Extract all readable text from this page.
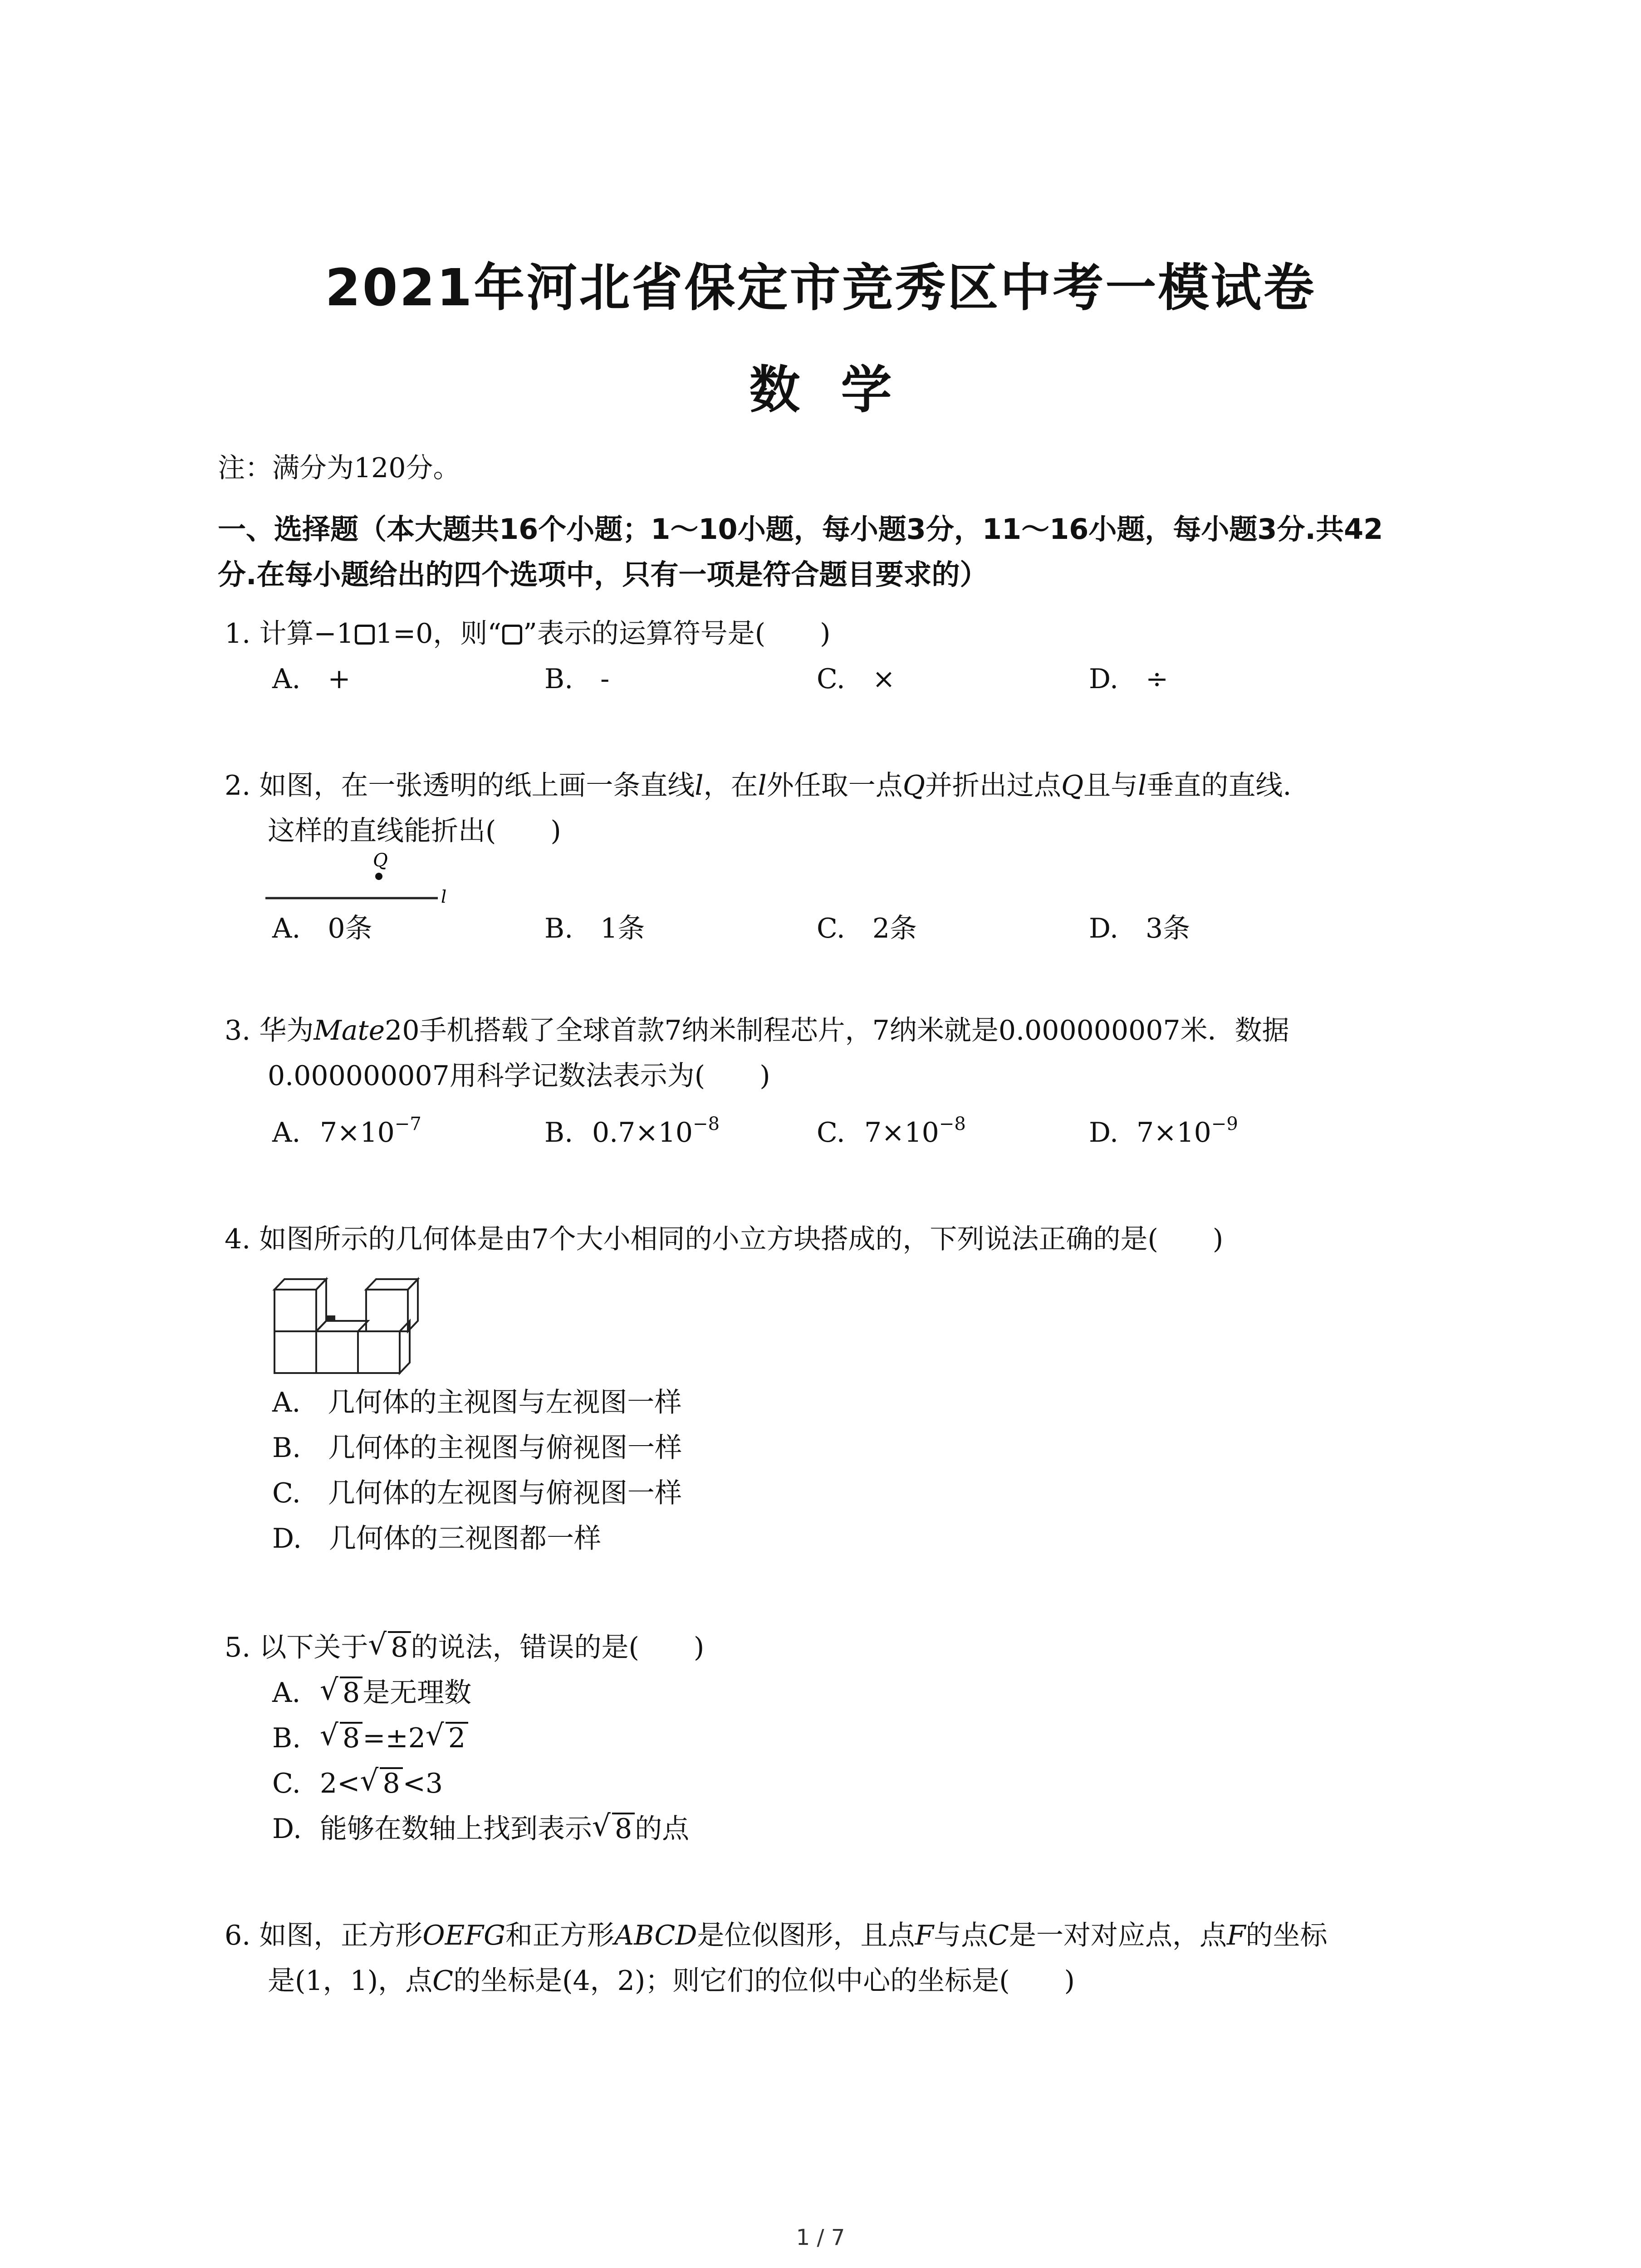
2021年河北省保定市竞秀区中考一模试卷
数学
注：满分为120分。
一、选择题（本大题共16个小题；1～10小题，每小题3分，11～16小题，每小题3分.共42
分.在每小题给出的四个选项中，只有一项是符合题目要求的）
1. 计算−1 1=0，则“ ”表示的运算符号是(　　)
A.　+	B.　-	C.　×	D.　÷
2. 如图，在一张透明的纸上画一条直线l，在l外任取一点Q并折出过点Q且与l垂直的直线.
这样的直线能折出(　　)
Q
l
A.　0条	B.　1条	C.　2条	D.　3条
3. 华为Mate20手机搭载了全球首款7纳米制程芯片，7纳米就是0.000000007米．数据
0.000000007用科学记数法表示为(　　)
A. $7\times 10^{-7}$	B. $0.7\times 10^{-8}$	C. $7\times 10^{-8}$	D. $7\times 10^{-9}$
4. 如图所示的几何体是由7个大小相同的小立方块搭成的，下列说法正确的是(　　)
A.　几何体的主视图与左视图一样
B.　几何体的主视图与俯视图一样
C.　几何体的左视图与俯视图一样
D.　几何体的三视图都一样
5. 以下关于 √ 8 的说法，错误的是(　　)
A. √ 8 是无理数
B. √ 8 =±2 √ 2
C. 2< √ 8 <3
D. 能够在数轴上找到表示 √ 8 的点
6. 如图，正方形OEFG和正方形ABCD是位似图形，且点F与点C是一对对应点，点F的坐标
是(1，1)，点C的坐标是(4，2)；则它们的位似中心的坐标是(　　)
1 / 7
